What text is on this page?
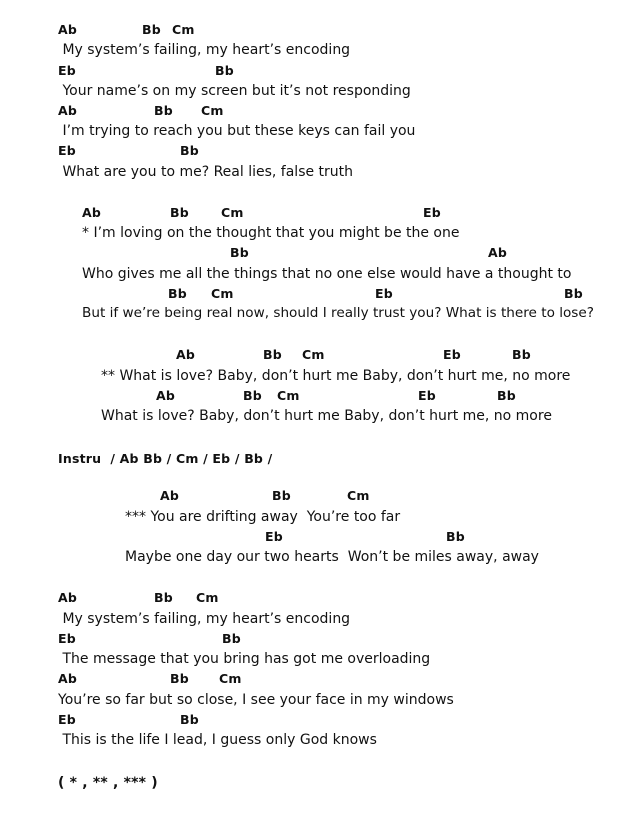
Ab	Bb Cm
My system’s failing, my heart’s encoding
Eb	Bb
Your name’s on my screen but it’s not responding
Ab	Bb Cm
I’m trying to reach you but these keys can fail you
Eb	Bb
What are you to me? Real lies, false truth
Ab	Bb	Cm	Eb
* I’m loving on the thought that you might be the one
Bb	Ab
Who gives me all the things that no one else would have a thought to
Bb Cm	Eb	Bb
But if we’re being real now, should I really trust you? What is there to lose?
Ab	Bb Cm	Eb	Bb
** What is love? Baby, don’t hurt me Baby, don’t hurt me, no more
Ab	Bb Cm	Eb	Bb
What is love? Baby, don’t hurt me Baby, don’t hurt me, no more
Instru  / Ab Bb / Cm / Eb / Bb /
Ab	Bb	Cm
*** You are drifting away  You’re too far
Eb	Bb
Maybe one day our two hearts  Won’t be miles away, away
Ab	Bb Cm
My system’s failing, my heart’s encoding
Eb	Bb
The message that you bring has got me overloading
Ab	Bb Cm
You’re so far but so close, I see your face in my windows
Eb	Bb
This is the life I lead, I guess only God knows
( * , ** , *** )
